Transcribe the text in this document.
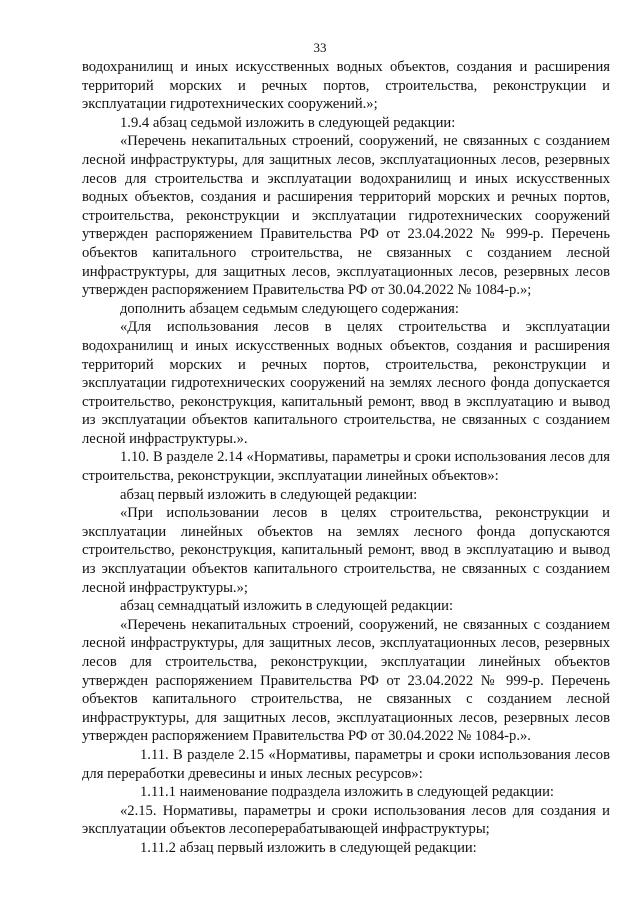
33

водохранилищ и иных искусственных водных объектов, создания и расширения территорий морских и речных портов, строительства, реконструкции и эксплуатации гидротехнических сооружений.»;

1.9.4 абзац седьмой изложить в следующей редакции:

«Перечень некапитальных строений, сооружений, не связанных с созданием лесной инфраструктуры, для защитных лесов, эксплуатационных лесов, резервных лесов для строительства и эксплуатации водохранилищ и иных искусственных водных объектов, создания и расширения территорий морских и речных портов, строительства, реконструкции и эксплуатации гидротехнических сооружений утвержден распоряжением Правительства РФ от 23.04.2022 № 999-р. Перечень объектов капитального строительства, не связанных с созданием лесной инфраструктуры, для защитных лесов, эксплуатационных лесов, резервных лесов утвержден распоряжением Правительства РФ от 30.04.2022 № 1084-р.»;

дополнить абзацем седьмым следующего содержания:

«Для использования лесов в целях строительства и эксплуатации водохранилищ и иных искусственных водных объектов, создания и расширения территорий морских и речных портов, строительства, реконструкции и эксплуатации гидротехнических сооружений на землях лесного фонда допускается строительство, реконструкция, капитальный ремонт, ввод в эксплуатацию и вывод из эксплуатации объектов капитального строительства, не связанных с созданием лесной инфраструктуры.».

1.10. В разделе 2.14 «Нормативы, параметры и сроки использования лесов для строительства, реконструкции, эксплуатации линейных объектов»:

абзац первый изложить в следующей редакции:

«При использовании лесов в целях строительства, реконструкции и эксплуатации линейных объектов на землях лесного фонда допускаются строительство, реконструкция, капитальный ремонт, ввод в эксплуатацию и вывод из эксплуатации объектов капитального строительства, не связанных с созданием лесной инфраструктуры.»;

абзац семнадцатый изложить в следующей редакции:

«Перечень некапитальных строений, сооружений, не связанных с созданием лесной инфраструктуры, для защитных лесов, эксплуатационных лесов, резервных лесов для строительства, реконструкции, эксплуатации линейных объектов утвержден распоряжением Правительства РФ от 23.04.2022 № 999-р. Перечень объектов капитального строительства, не связанных с созданием лесной инфраструктуры, для защитных лесов, эксплуатационных лесов, резервных лесов утвержден распоряжением Правительства РФ от 30.04.2022 № 1084-р.».

1.11. В разделе 2.15 «Нормативы, параметры и сроки использования лесов для переработки древесины и иных лесных ресурсов»:

1.11.1 наименование подраздела изложить в следующей редакции:

«2.15. Нормативы, параметры и сроки использования лесов для создания и эксплуатации объектов лесоперерабатывающей инфраструктуры;

1.11.2 абзац первый изложить в следующей редакции:
